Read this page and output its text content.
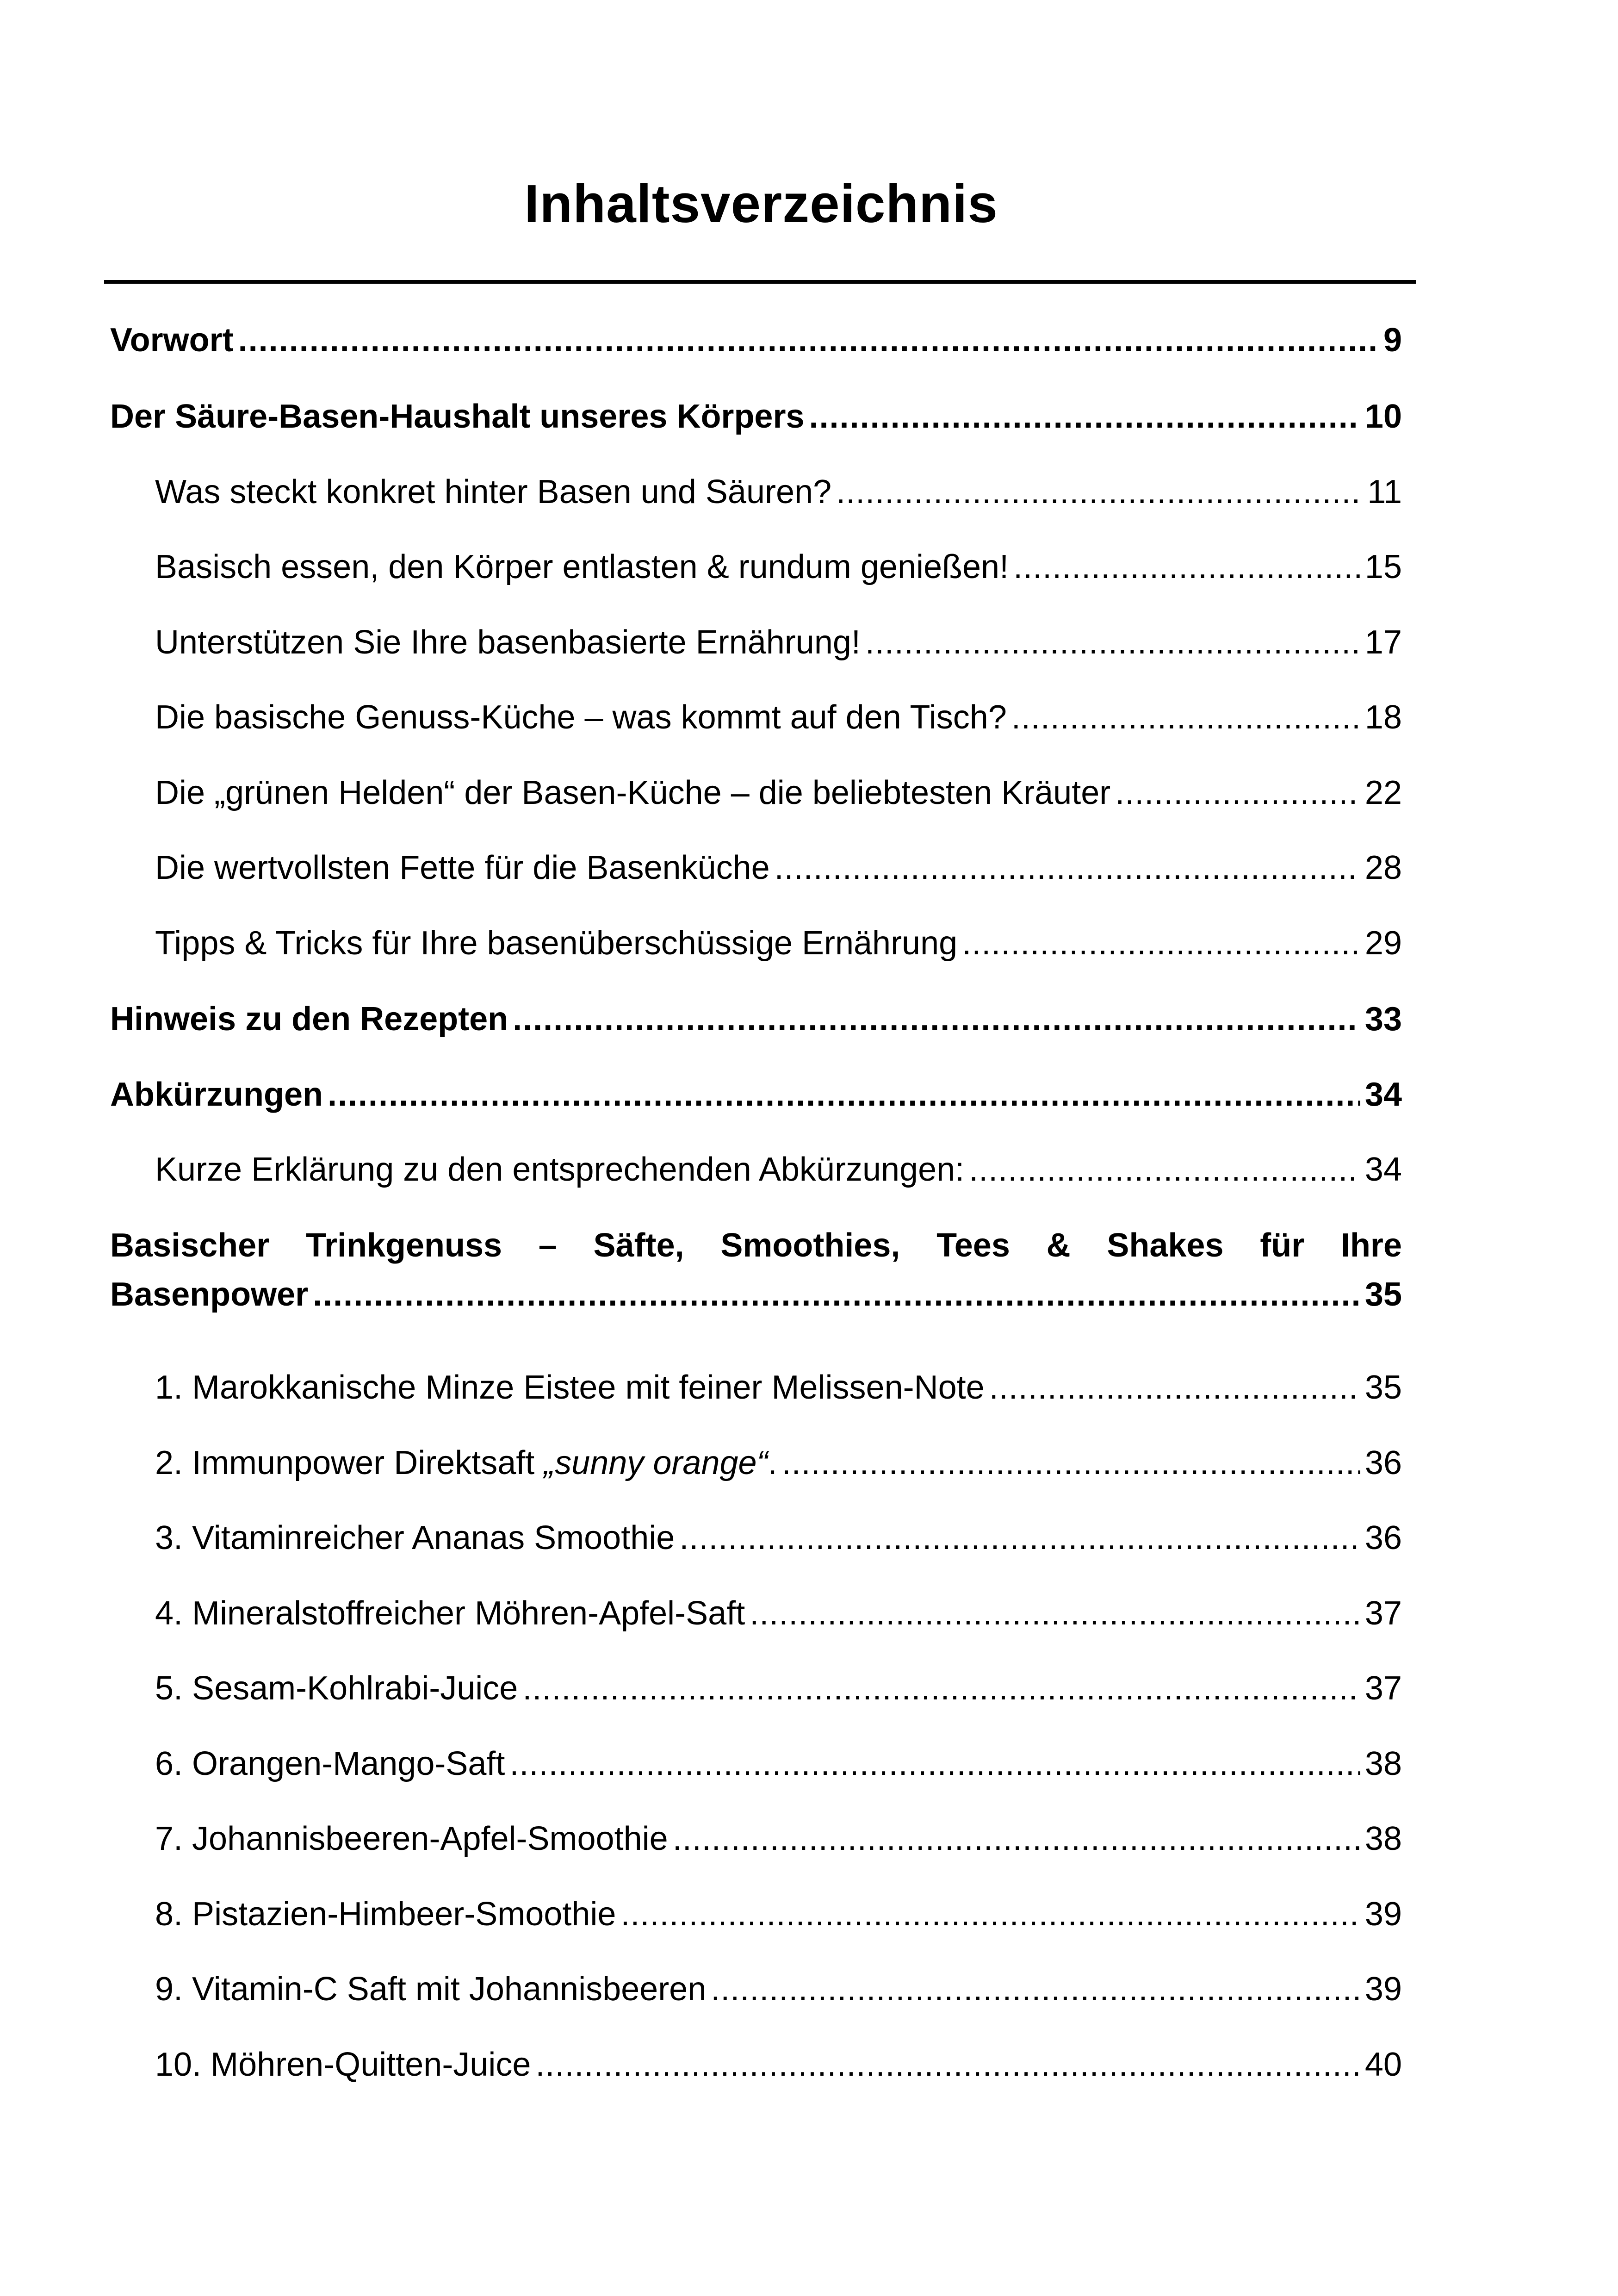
Inhaltsverzeichnis
Vorwort .....	9
Der Säure-Basen-Haushalt unseres Körpers .....	10
Was steckt konkret hinter Basen und Säuren? .....	11
Basisch essen, den Körper entlasten & rundum genießen! .....	15
Unterstützen Sie Ihre basenbasierte Ernährung! .....	17
Die basische Genuss-Küche – was kommt auf den Tisch? .....	18
Die „grünen Helden“ der Basen-Küche – die beliebtesten Kräuter .....	22
Die wertvollsten Fette für die Basenküche .....	28
Tipps & Tricks für Ihre basenüberschüssige Ernährung .....	29
Hinweis zu den Rezepten .....	33
Abkürzungen .....	34
Kurze Erklärung zu den entsprechenden Abkürzungen: .....	34
Basischer Trinkgenuss – Säfte, Smoothies, Tees & Shakes für Ihre
Basenpower .....	35
1. Marokkanische Minze Eistee mit feiner Melissen-Note .....	35
2. Immunpower Direktsaft „sunny orange“. .....	36
3. Vitaminreicher Ananas Smoothie .....	36
4. Mineralstoffreicher Möhren-Apfel-Saft .....	37
5. Sesam-Kohlrabi-Juice .....	37
6. Orangen-Mango-Saft .....	38
7. Johannisbeeren-Apfel-Smoothie .....	38
8. Pistazien-Himbeer-Smoothie .....	39
9. Vitamin-C Saft mit Johannisbeeren .....	39
10. Möhren-Quitten-Juice .....	40
